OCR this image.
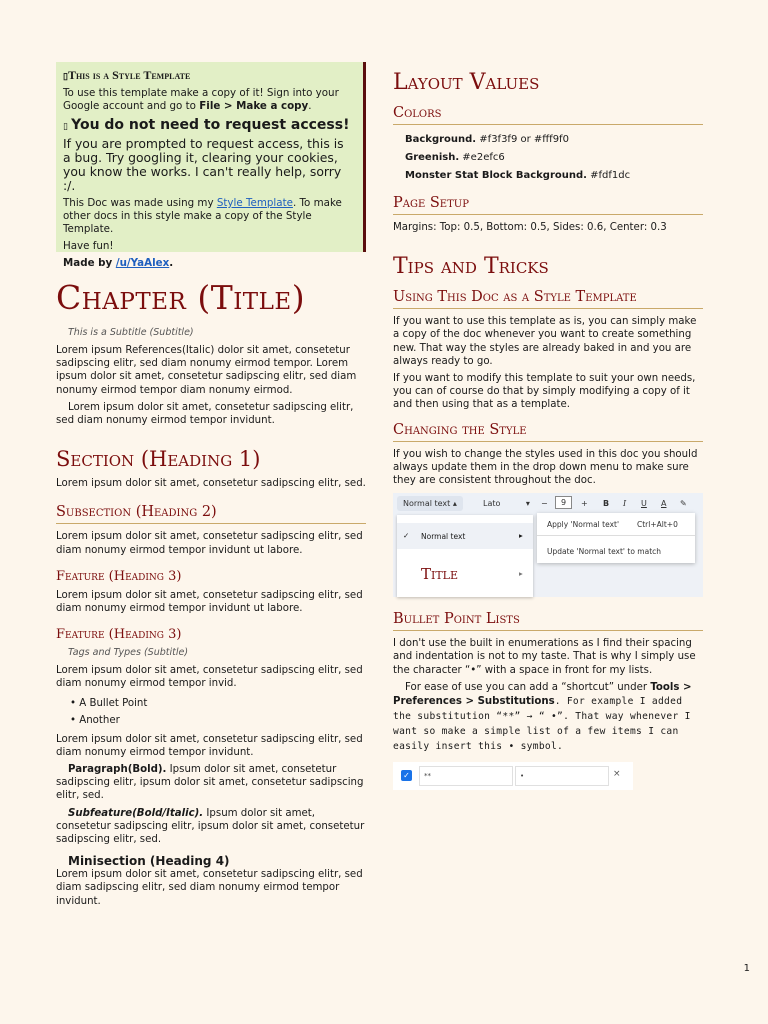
▯This is a Style Template

To use this template make a copy of it! Sign into your Google account and go to File > Make a copy.

▯ You do not need to request access!

If you are prompted to request access, this is a bug. Try googling it, clearing your cookies, you know the works. I can't really help, sorry :/.

This Doc was made using my Style Template. To make other docs in this style make a copy of the Style Template.

Have fun!

Made by /u/YaAlex.

Chapter (Title)
This is a Subtitle (Subtitle)

Lorem ipsum References(Italic) dolor sit amet, consetetur sadipscing elitr, sed diam nonumy eirmod tempor. Lorem ipsum dolor sit amet, consetetur sadipscing elitr, sed diam nonumy eirmod tempor diam nonumy eirmod.

Lorem ipsum dolor sit amet, consetetur sadipscing elitr, sed diam nonumy eirmod tempor invidunt.

Section (Heading 1)

Lorem ipsum dolor sit amet, consetetur sadipscing elitr, sed.

Subsection (Heading 2)

Lorem ipsum dolor sit amet, consetetur sadipscing elitr, sed diam nonumy eirmod tempor invidunt ut labore.

Feature (Heading 3)

Lorem ipsum dolor sit amet, consetetur sadipscing elitr, sed diam nonumy eirmod tempor invidunt ut labore.

Feature (Heading 3)
Tags and Types (Subtitle)

Lorem ipsum dolor sit amet, consetetur sadipscing elitr, sed diam nonumy eirmod tempor invid.

• A Bullet Point
• Another

Lorem ipsum dolor sit amet, consetetur sadipscing elitr, sed diam nonumy eirmod tempor invidunt.

Paragraph(Bold). Ipsum dolor sit amet, consetetur sadipscing elitr, ipsum dolor sit amet, consetetur sadipscing elitr, sed.

Subfeature(Bold/Italic). Ipsum dolor sit amet, consetetur sadipscing elitr, ipsum dolor sit amet, consetetur sadipscing elitr, sed.

Minisection (Heading 4)

Lorem ipsum dolor sit amet, consetetur sadipscing elitr, sed diam sadipscing elitr, sed diam nonumy eirmod tempor invidunt.

Layout Values
Colors
Background. #f3f3f9 or #fff9f0
Greenish. #e2efc6
Monster Stat Block Background. #fdf1dc
Page Setup

Margins: Top: 0.5, Bottom: 0.5, Sides: 0.6, Center: 0.3

Tips and Tricks
Using This Doc as a Style Template

If you want to use this template as is, you can simply make a copy of the doc whenever you want to create something new. That way the styles are already baked in and you are always ready to go.

If you want to modify this template to suit your own needs, you can of course do that by simply modifying a copy of it and then using that as a template.

Changing the Style

If you wish to change the styles used in this doc you should always update them in the drop down menu to make sure they are consistent throughout the doc.

Normal text ▴	Lato          ▾ −	9	+ B I U A ✎
✓ Normal text	▸
Title	▸
Apply 'Normal text' Ctrl+Alt+0
Update 'Normal text' to match
Bullet Point Lists

I don't use the built in enumerations as I find their spacing and indentation is not to my taste. That is why I simply use the character “•” with a space in front for my lists.

For ease of use you can add a “shortcut” under Tools > Preferences > Substitutions. For example I added the substitution “**” → “ •”. That way whenever I want so make a simple list of a few items I can easily insert this • symbol.

✓	**	•	×
1
